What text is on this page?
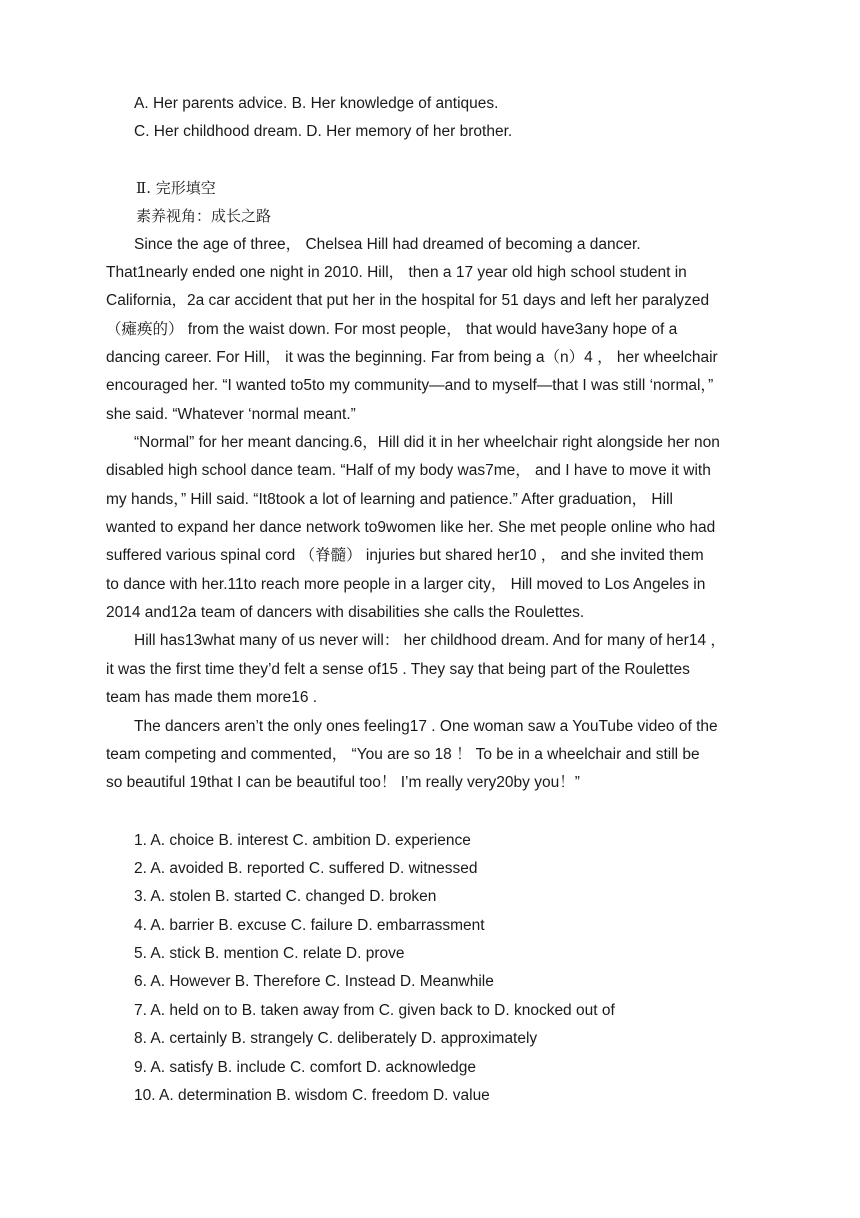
A. Her parents advice. B. Her knowledge of antiques.
C. Her childhood dream. D. Her memory of her brother.
Ⅱ. 完形填空
素养视角：成长之路
Since the age of three， Chelsea Hill had dreamed of becoming a dancer.
That1nearly ended one night in 2010. Hill， then a 17 year old high school student in
California，2a car accident that put her in the hospital for 51 days and left her paralyzed
（瘫痪的） from the waist down. For most people， that would have3any hope of a
dancing career. For Hill， it was the beginning. Far from being a（n）4 ， her wheelchair
encouraged her. “I wanted to5to my community—and to myself—that I was still ‘normal，”
she said. “Whatever ‘normal meant.”
“Normal” for her meant dancing.6，Hill did it in her wheelchair right alongside her non
disabled high school dance team. “Half of my body was7me， and I have to move it with
my hands，” Hill said. “It8took a lot of learning and patience.” After graduation， Hill
wanted to expand her dance network to9women like her. She met people online who had
suffered various spinal cord （脊髓） injuries but shared her10 ， and she invited them
to dance with her.11to reach more people in a larger city， Hill moved to Los Angeles in
2014 and12a team of dancers with disabilities she calls the Roulettes.
Hill has13what many of us never will： her childhood dream. And for many of her14 ，
it was the first time they’d felt a sense of15 . They say that being part of the Roulettes
team has made them more16 .
The dancers aren’t the only ones feeling17 . One woman saw a YouTube video of the
team competing and commented， “You are so 18 ！ To be in a wheelchair and still be
so beautiful 19that I can be beautiful too！ I’m really very20by you！”
1. A. choice B. interest C. ambition D. experience
2. A. avoided B. reported C. suffered D. witnessed
3. A. stolen B. started C. changed D. broken
4. A. barrier B. excuse C. failure D. embarrassment
5. A. stick B. mention C. relate D. prove
6. A. However B. Therefore C. Instead D. Meanwhile
7. A. held on to B. taken away from C. given back to D. knocked out of
8. A. certainly B. strangely C. deliberately D. approximately
9. A. satisfy B. include C. comfort D. acknowledge
10. A. determination B. wisdom C. freedom D. value
